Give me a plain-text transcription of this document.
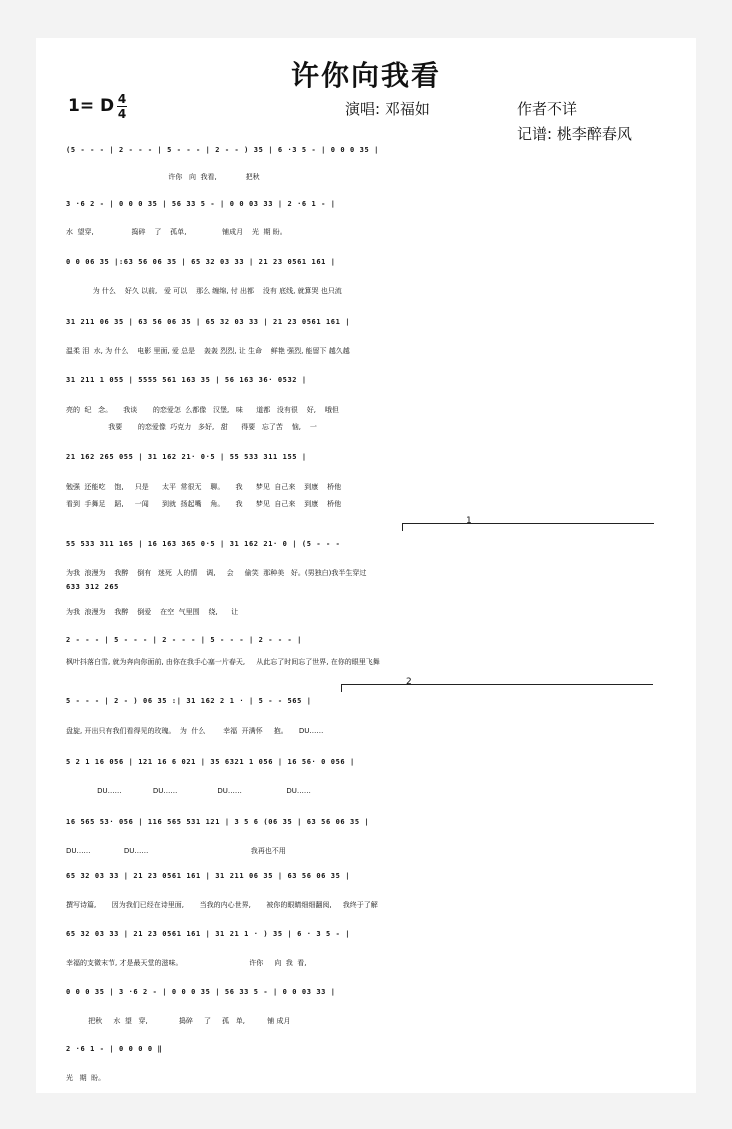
许你向我看
1= D 4
4	演唱: 邓福如	作者不详
记谱: 桃李醉春风
1
2
(5 - - - | 2 - - - | 5 - - - | 2 - - ) 35 | 6 ·3 5 - | 0 0 0 35 |
许你   向  我看,             把秋
3 ·6 2 - | 0 0 0 35 | 56 33 5 - | 0 0 03 33 | 2 ·6 1 - |
水  望穿,                 捣碎    了    孤单,                铺成月    光  期 盼。
0 0 06 35 |:63 56 06 35 | 65 32 03 33 | 21 23 0561 161 |
为 什么    好久 以前,   爱 可以    那么 缠绵, 付 出都    没有 底线, 就算哭 也只流
31 211 06 35 | 63 56 06 35 | 65 32 03 33 | 21 23 0561 161 |
温柔 泪  水, 为 什么    电影 里面, 爱 总是    轰轰 烈烈, 让 生命    鲜艳 强烈, 能留下 越久越
31 211 1 055 | 5555 561 163 35 | 56 163 36· 0532 |
亮的  纪   念。     我谈       的恋爱怎  么都像   汉堡,   味      道都   没有很    好,    哦但
我要       的恋爱像  巧克力   多好,   甜      得要   忘了苦    恼,    一
21 162 265 055 | 31 162 21· 0·5 | 55 533 311 155 |
勉强  还能吃    饱,     只是      太平  常很无    聊。     我      梦见  自己来    到康    桥他
看到  手舞足    蹈,     一闻      到就  扬起嘴    角。     我      梦见  自己来    到康    桥他
55 533 311 165 | 16 163 365 0·5 | 31 162 21· 0 | (5 - - -
为我  浪漫为    我醉    倒有   迷死  人的情    调,     会     偷笑  那种美   好。(男独白)我半生穿过
633 312 265
为我  浪漫为    我醉    倒爱    在空  气里围    绕,      让
2 - - - | 5 - - - | 2 - - - | 5 - - - | 2 - - - |
枫叶抖落白雪, 就为奔向你面前, 由你在我手心塞一片春天,     从此忘了时间忘了世界, 在你的眼里飞舞
5 - - - | 2 - ) 06 35 :| 31 162 2 1 · | 5 - - 565 |
盘旋, 开出只有我们看得见的玫瑰。  为  什么        幸福  开满怀     抱。     DU……
5 2 1 16 056 | 121 16 6 021 | 35 6321 1 056 | 16 56· 0 056 |
DU……              DU……                  DU……                    DU……
16 565 53· 056 | 116 565 531 121 | 3 5 6 (06 35 | 63 56 06 35 |
DU……               DU……                                              我再也不用
65 32 03 33 | 21 23 0561 161 | 31 211 06 35 | 63 56 06 35 |
撰写诗篇,       因为我们已经在诗里面,       当我的内心世界,       被你的眼睛细细翻阅,     我终于了解
65 32 03 33 | 21 23 0561 161 | 31 21 1 · ) 35 | 6 · 3 5 - |
幸福的支微末节, 才是最天堂的滋味。                              许你     向  我  看,
0 0 0 35 | 3 ·6 2 - | 0 0 0 35 | 56 33 5 - | 0 0 03 33 |
把秋     水  望   穿,              捣碎     了     孤   单,          铺 成月
2 ·6 1 - | 0 0 0 0 ‖
光   期  盼。
